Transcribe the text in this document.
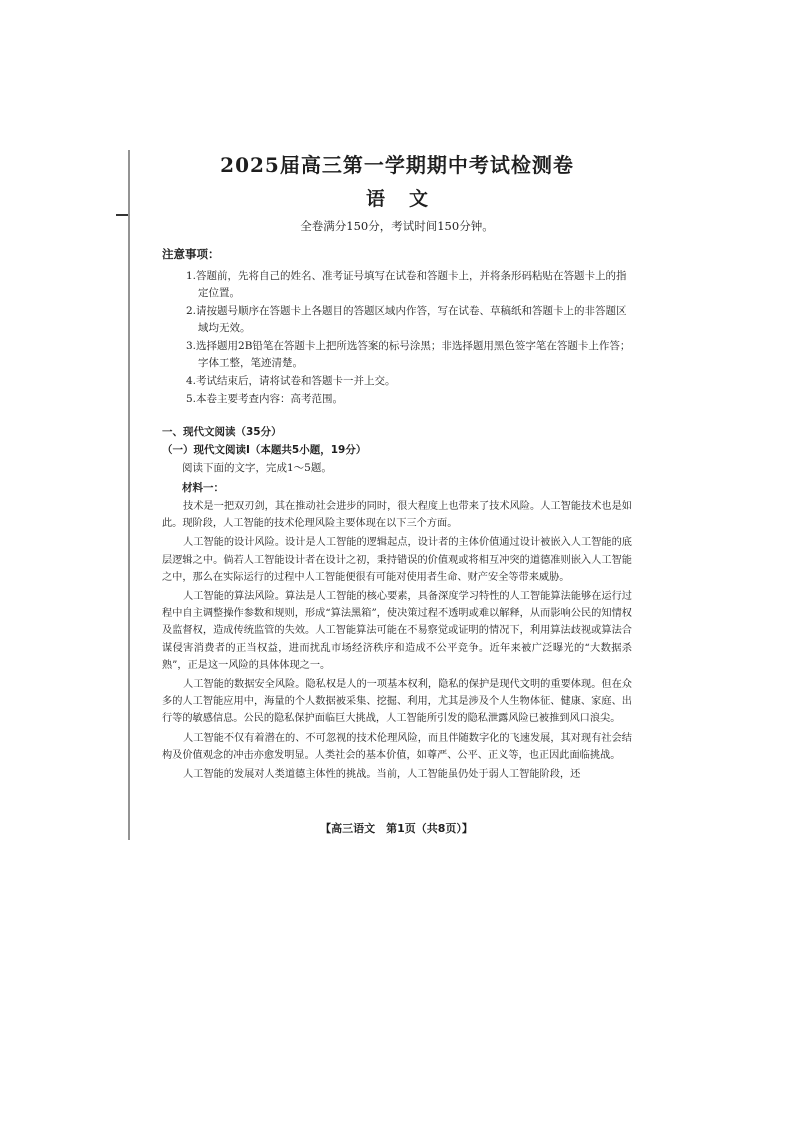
2025届高三第一学期期中考试检测卷
语文
全卷满分150分，考试时间150分钟。
注意事项：
1.答题前，先将自己的姓名、准考证号填写在试卷和答题卡上，并将条形码粘贴在答题卡上的指定位置。
2.请按题号顺序在答题卡上各题目的答题区域内作答，写在试卷、草稿纸和答题卡上的非答题区域均无效。
3.选择题用2B铅笔在答题卡上把所选答案的标号涂黑；非选择题用黑色签字笔在答题卡上作答；字体工整，笔迹清楚。
4.考试结束后，请将试卷和答题卡一并上交。
5.本卷主要考查内容：高考范围。
一、现代文阅读（35分）
（一）现代文阅读Ⅰ（本题共5小题，19分）
阅读下面的文字，完成1～5题。
材料一：

技术是一把双刃剑，其在推动社会进步的同时，很大程度上也带来了技术风险。人工智能技术也是如此。现阶段，人工智能的技术伦理风险主要体现在以下三个方面。

人工智能的设计风险。设计是人工智能的逻辑起点，设计者的主体价值通过设计被嵌入人工智能的底层逻辑之中。倘若人工智能设计者在设计之初，秉持错误的价值观或将相互冲突的道德准则嵌入人工智能之中，那么在实际运行的过程中人工智能便很有可能对使用者生命、财产安全等带来威胁。

人工智能的算法风险。算法是人工智能的核心要素，具备深度学习特性的人工智能算法能够在运行过程中自主调整操作参数和规则，形成“算法黑箱”，使决策过程不透明或难以解释，从而影响公民的知情权及监督权，造成传统监管的失效。人工智能算法可能在不易察觉或证明的情况下，利用算法歧视或算法合谋侵害消费者的正当权益，进而扰乱市场经济秩序和造成不公平竞争。近年来被广泛曝光的“大数据杀熟”，正是这一风险的具体体现之一。

人工智能的数据安全风险。隐私权是人的一项基本权利，隐私的保护是现代文明的重要体现。但在众多的人工智能应用中，海量的个人数据被采集、挖掘、利用，尤其是涉及个人生物体征、健康、家庭、出行等的敏感信息。公民的隐私保护面临巨大挑战，人工智能所引发的隐私泄露风险已被推到风口浪尖。

人工智能不仅有着潜在的、不可忽视的技术伦理风险，而且伴随数字化的飞速发展，其对现有社会结构及价值观念的冲击亦愈发明显。人类社会的基本价值，如尊严、公平、正义等，也正因此面临挑战。

人工智能的发展对人类道德主体性的挑战。当前，人工智能虽仍处于弱人工智能阶段，还

【高三语文　第1页（共8页）】
